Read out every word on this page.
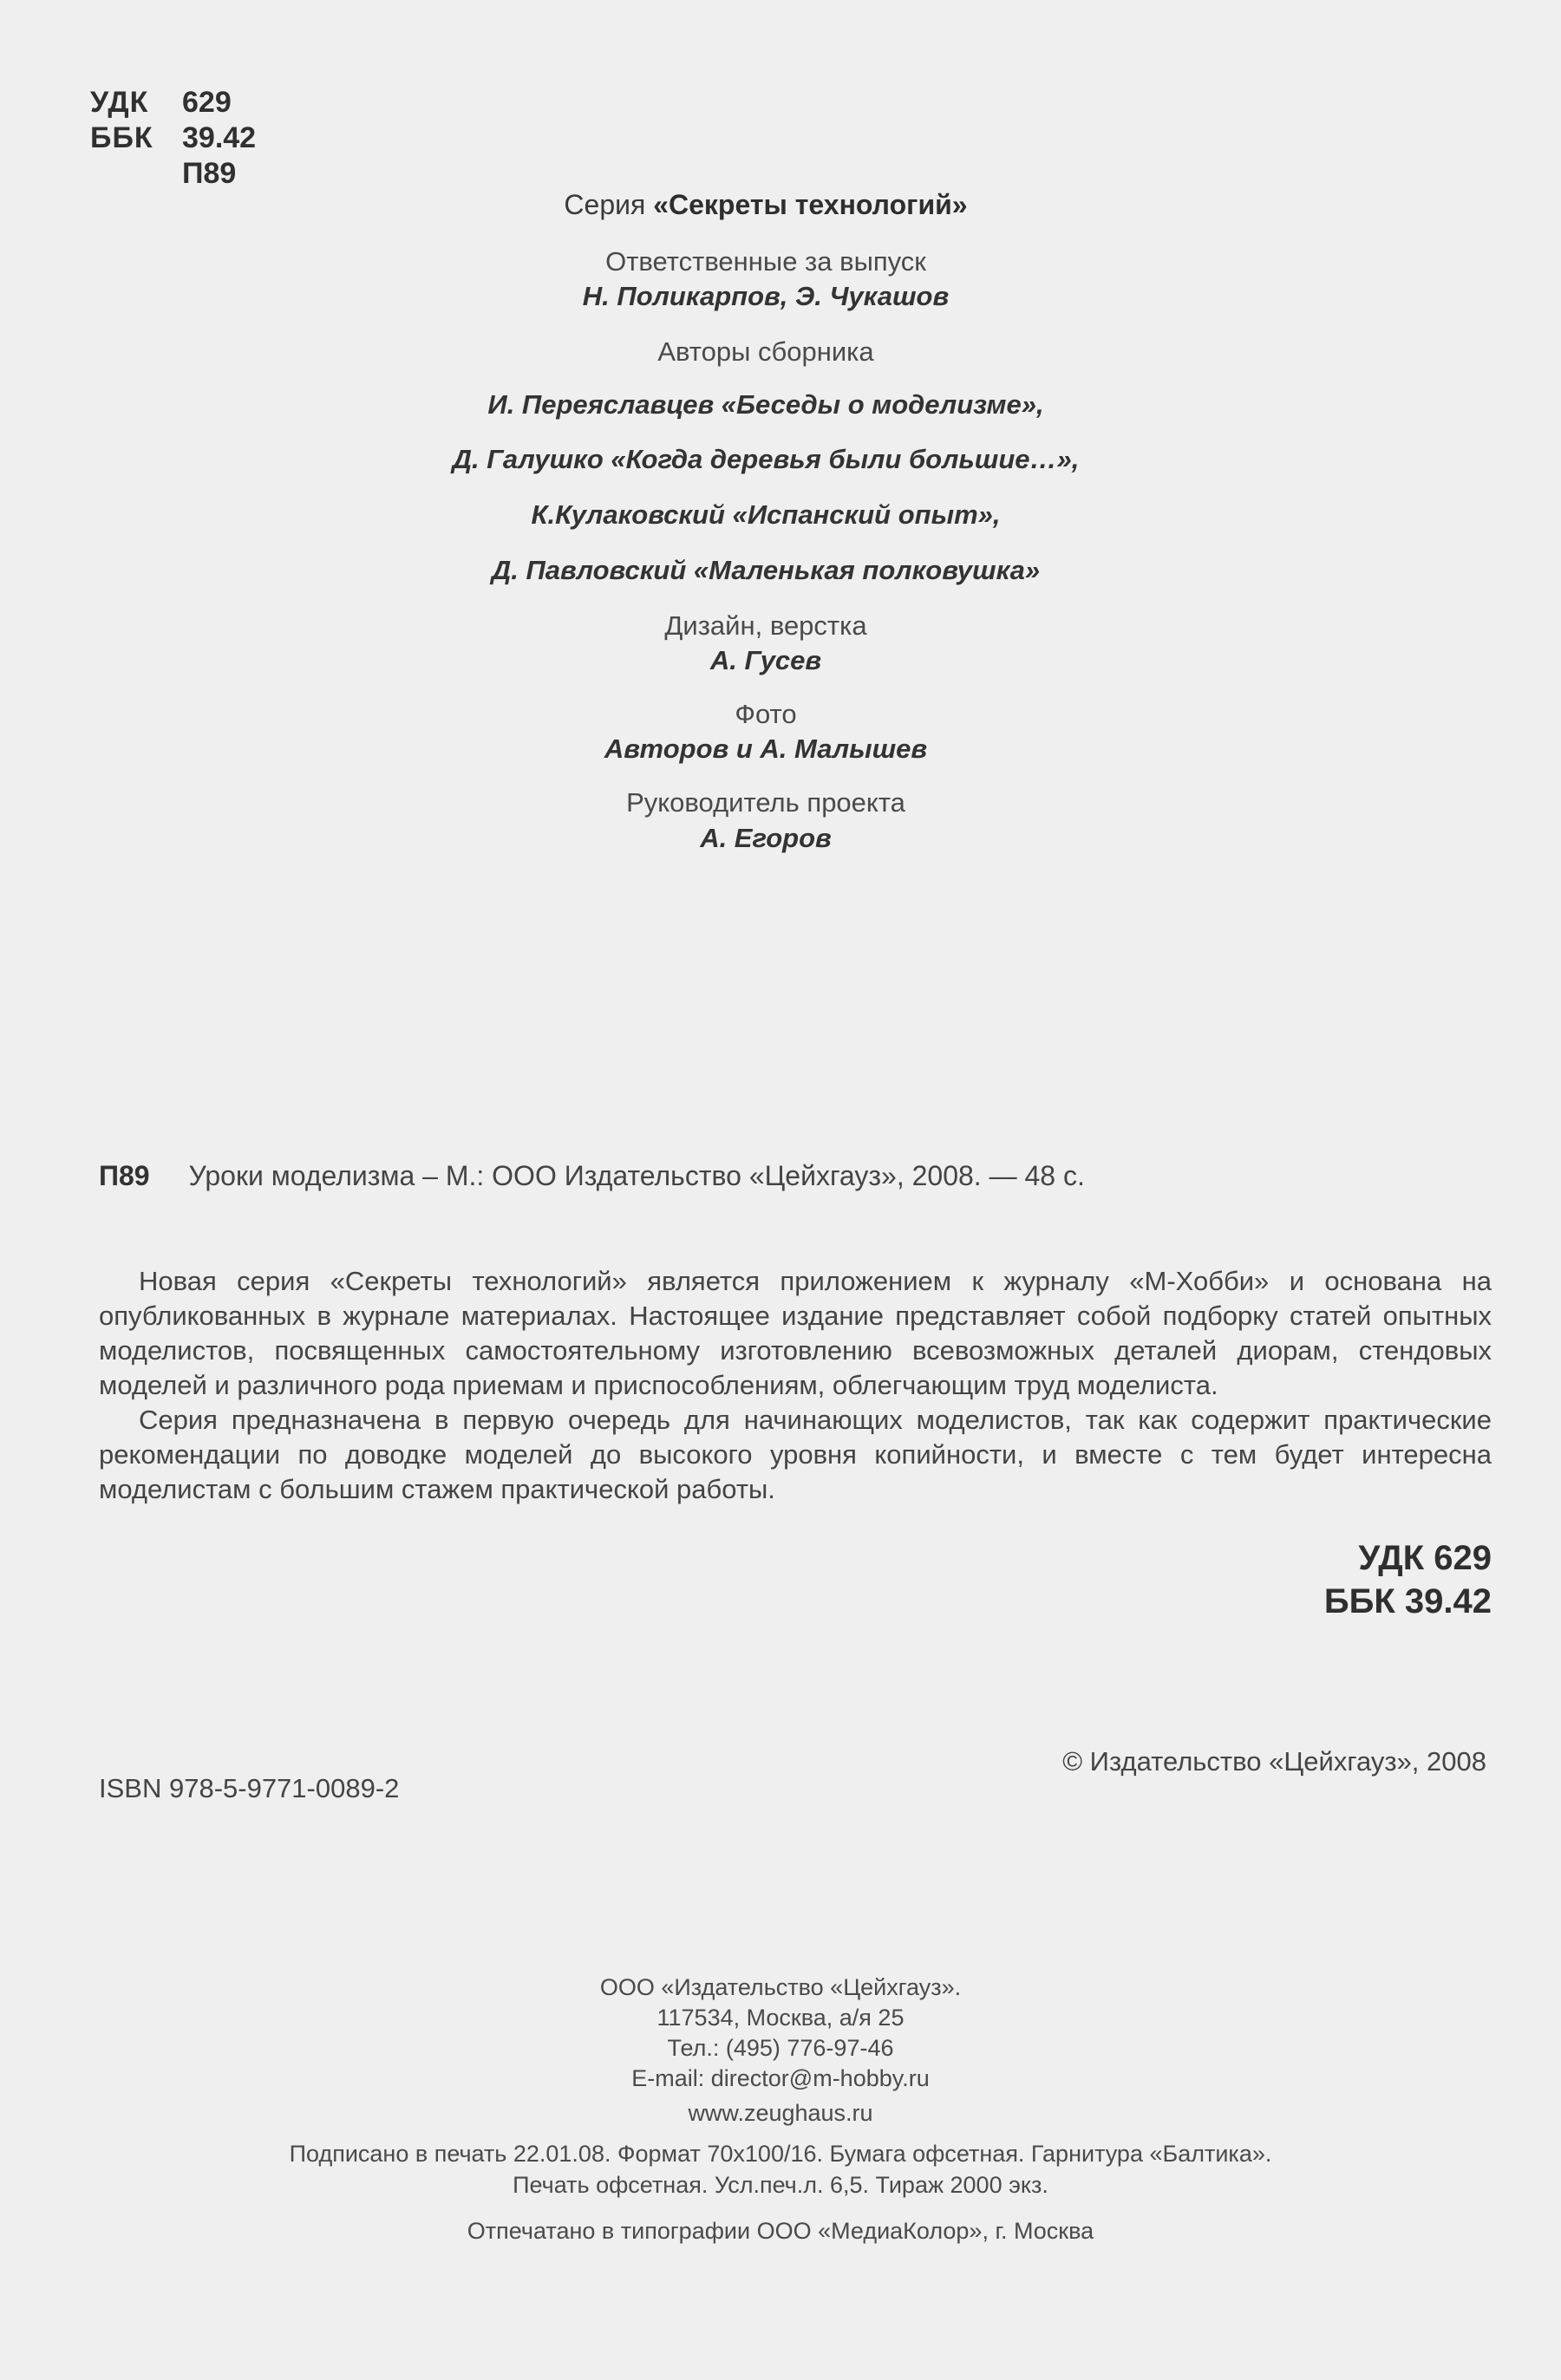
УДК	629
ББК 39.42
П89
Серия «Секреты технологий»
Ответственные за выпуск
Н. Поликарпов, Э. Чукашов
Авторы сборника
И. Переяславцев «Беседы о моделизме»,
Д. Галушко «Когда деревья были большие…»,
К.Кулаковский «Испанский опыт»,
Д. Павловский «Маленькая полковушка»
Дизайн, верстка
А. Гусев
Фото
Авторов и А. Малышев
Руководитель проекта
А. Егоров
П89 Уроки моделизма – М.: ООО Издательство «Цейхгауз», 2008. — 48 с.

Новая серия «Секреты технологий» является приложением к журналу «М-Хобби» и основана на опубликованных в журнале материалах. Настоящее издание представляет собой подборку статей опытных моделистов, посвященных самостоятельному изготовлению всевозможных деталей диорам, стендовых моделей и различного рода приемам и приспособлениям, облегчающим труд моделиста.

Серия предназначена в первую очередь для начинающих моделистов, так как содержит практические рекомендации по доводке моделей до высокого уровня копийности, и вместе с тем будет интересна моделистам с большим стажем практической работы.

УДК 629
ББК 39.42
© Издательство «Цейхгауз», 2008
ISBN 978-5-9771-0089-2
ООО «Издательство «Цейхгауз».
117534, Москва, а/я 25
Тел.: (495) 776-97-46
E-mail: director@m-hobby.ru
www.zeughaus.ru
Подписано в печать 22.01.08. Формат 70х100/16. Бумага офсетная. Гарнитура «Балтика».
Печать офсетная. Усл.печ.л. 6,5. Тираж 2000 экз.
Отпечатано в типографии ООО «МедиаКолор», г. Москва
